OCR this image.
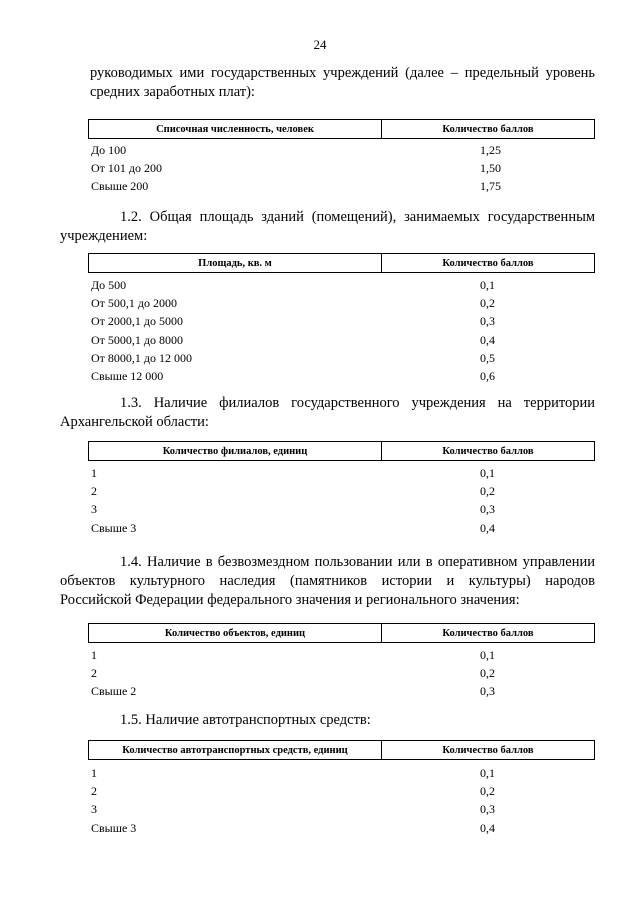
24
руководимых ими государственных учреждений (далее – предельный уровень
средних заработных плат):
Списочная численность, человек	Количество баллов
До 100	1,25
От 101 до 200	1,50
Свыше 200	1,75
1.2. Общая площадь зданий (помещений), занимаемых государственным
учреждением:
Площадь, кв. м	Количество баллов
До 500	0,1
От 500,1 до 2000	0,2
От 2000,1 до 5000	0,3
От 5000,1 до 8000	0,4
От 8000,1 до 12 000	0,5
Свыше 12 000	0,6
1.3. Наличие филиалов государственного учреждения на территории
Архангельской области:
Количество филиалов, единиц	Количество баллов
1	0,1
2	0,2
3	0,3
Свыше 3	0,4
1.4. Наличие в безвозмездном пользовании или в оперативном управлении
объектов культурного наследия (памятников истории и культуры) народов
Российской Федерации федерального значения и регионального значения:
Количество объектов, единиц	Количество баллов
1	0,1
2	0,2
Свыше 2	0,3
1.5. Наличие автотранспортных средств:
Количество автотранспортных средств, единиц	Количество баллов
1	0,1
2	0,2
3	0,3
Свыше 3	0,4
